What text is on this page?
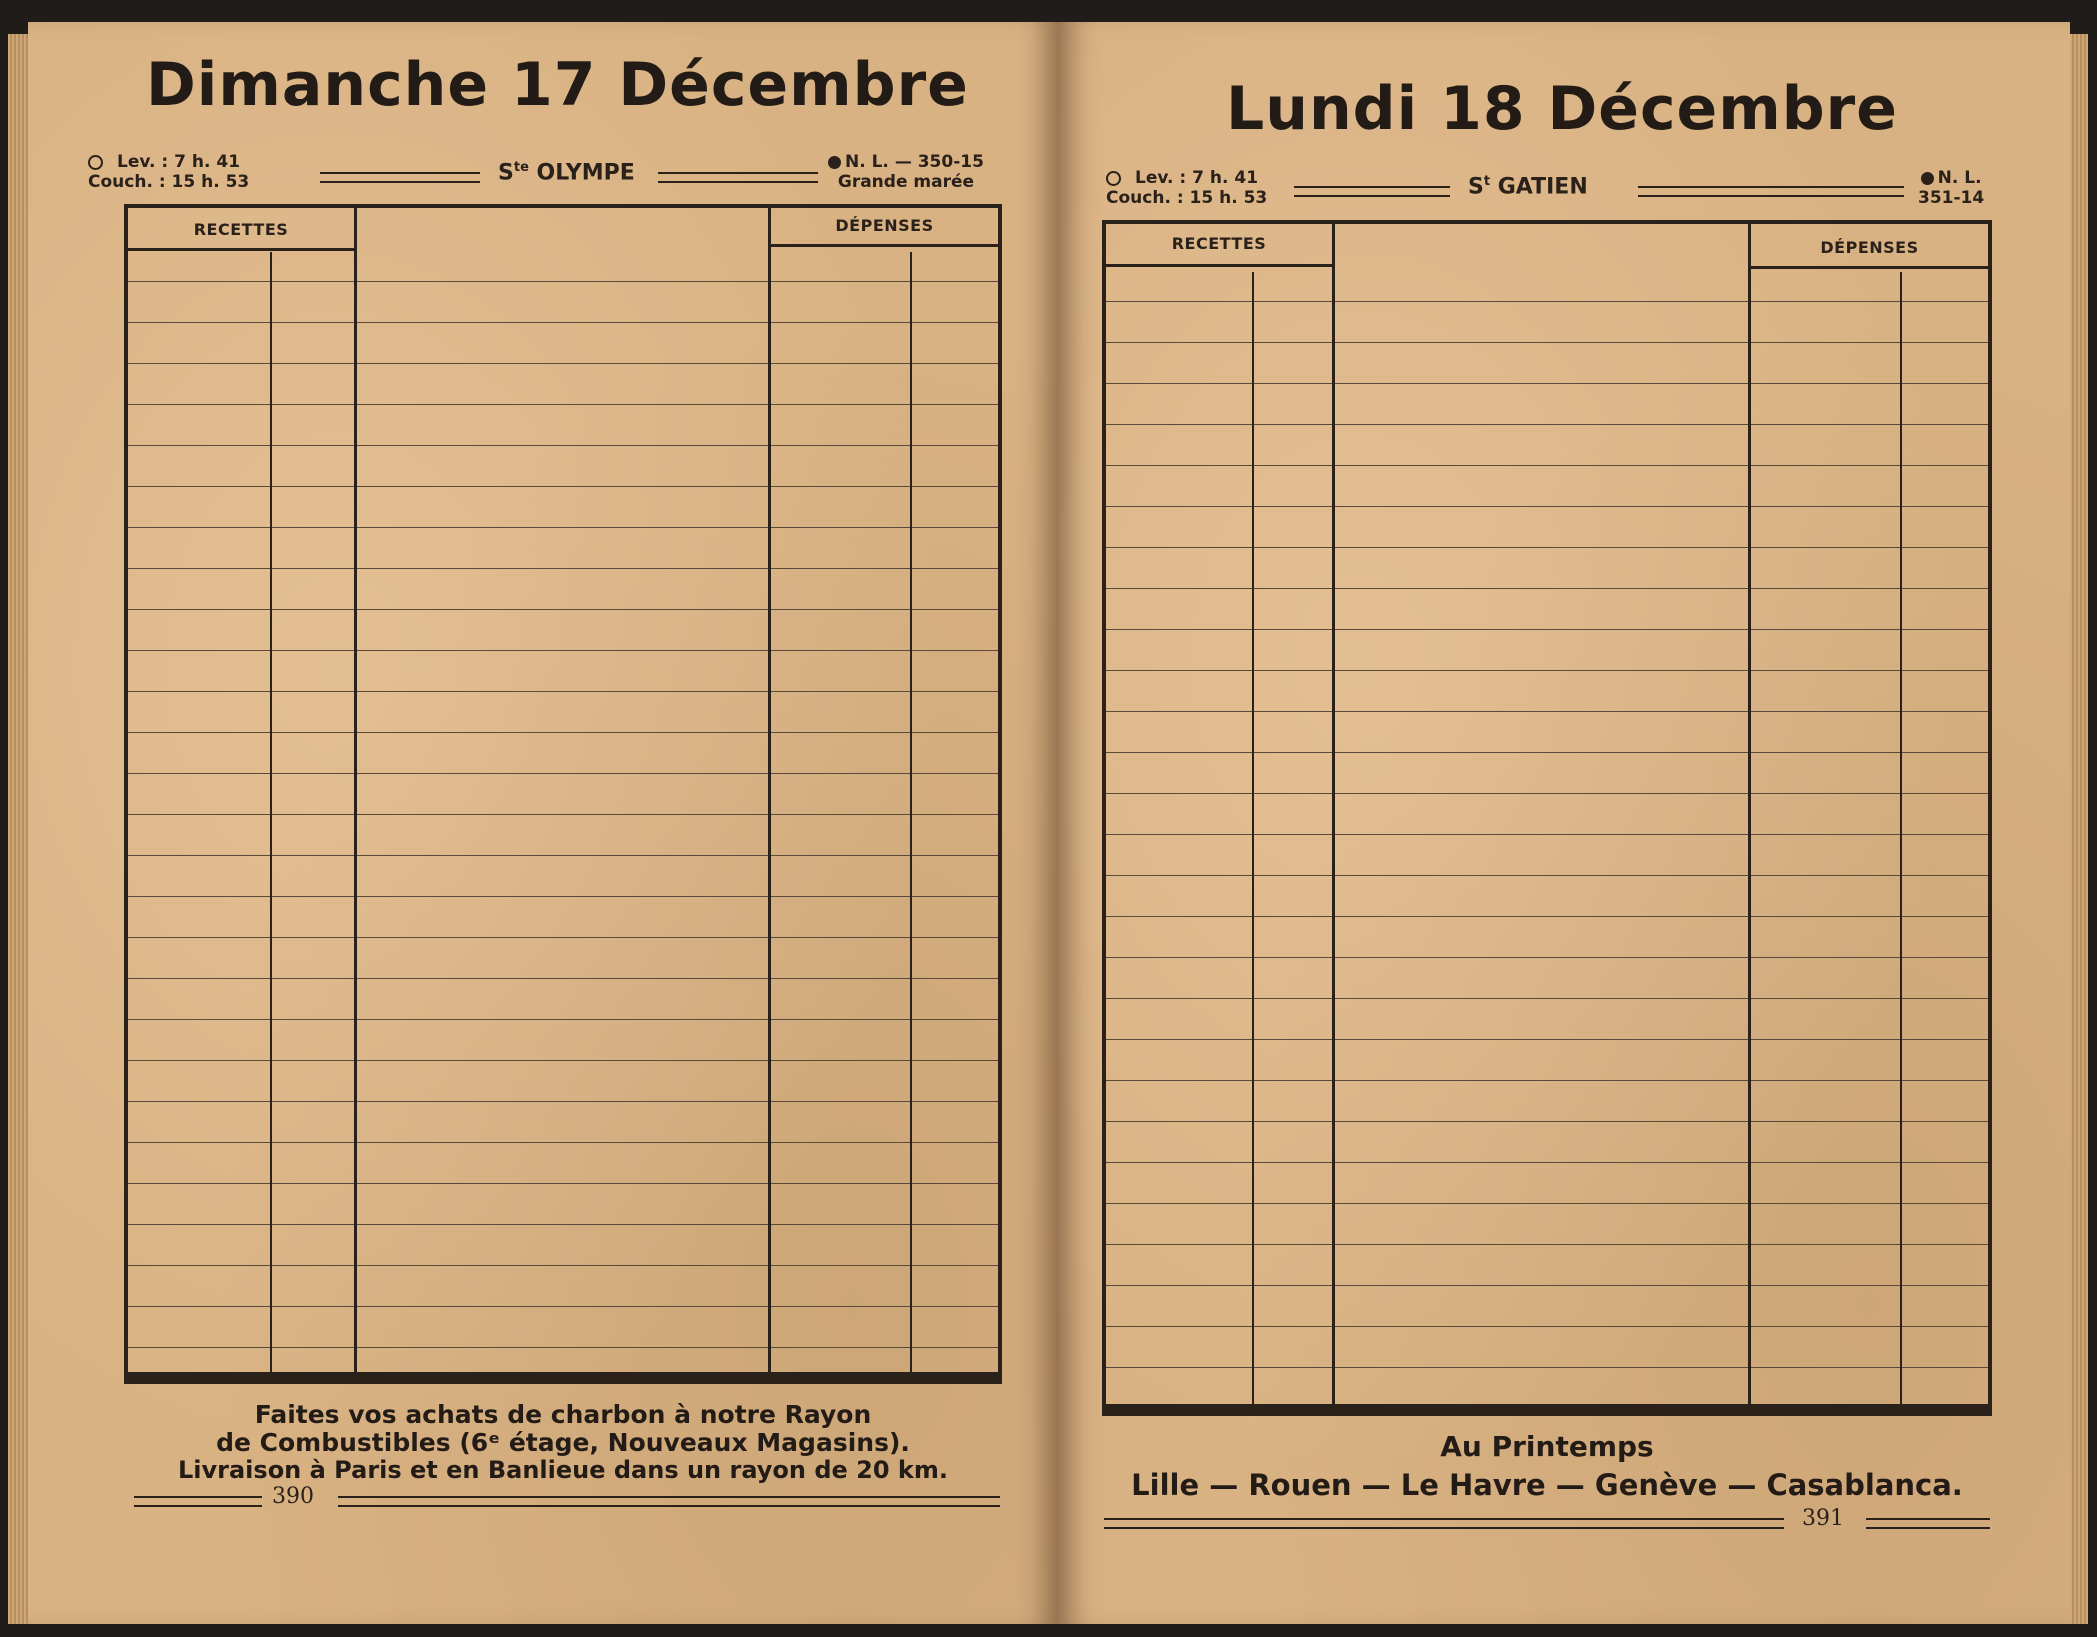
Dimanche 17 Décembre
Lev. : 7 h. 41
Couch. : 15 h. 53	$S^{te}$ OLYMPE	N. L. — 350-15
Grande marée
RECETTES	DÉPENSES
Faites vos achats de charbon à notre Rayon
de Combustibles (6ᵉ étage, Nouveaux Magasins).
Livraison à Paris et en Banlieue dans un rayon de 20 km.
390
Lundi 18 Décembre
Lev. : 7 h. 41
Couch. : 15 h. 53	$S^t$ GATIEN	N. L.
351-14
RECETTES	DÉPENSES
Au Printemps
Lille — Rouen — Le Havre — Genève — Casablanca.
391
